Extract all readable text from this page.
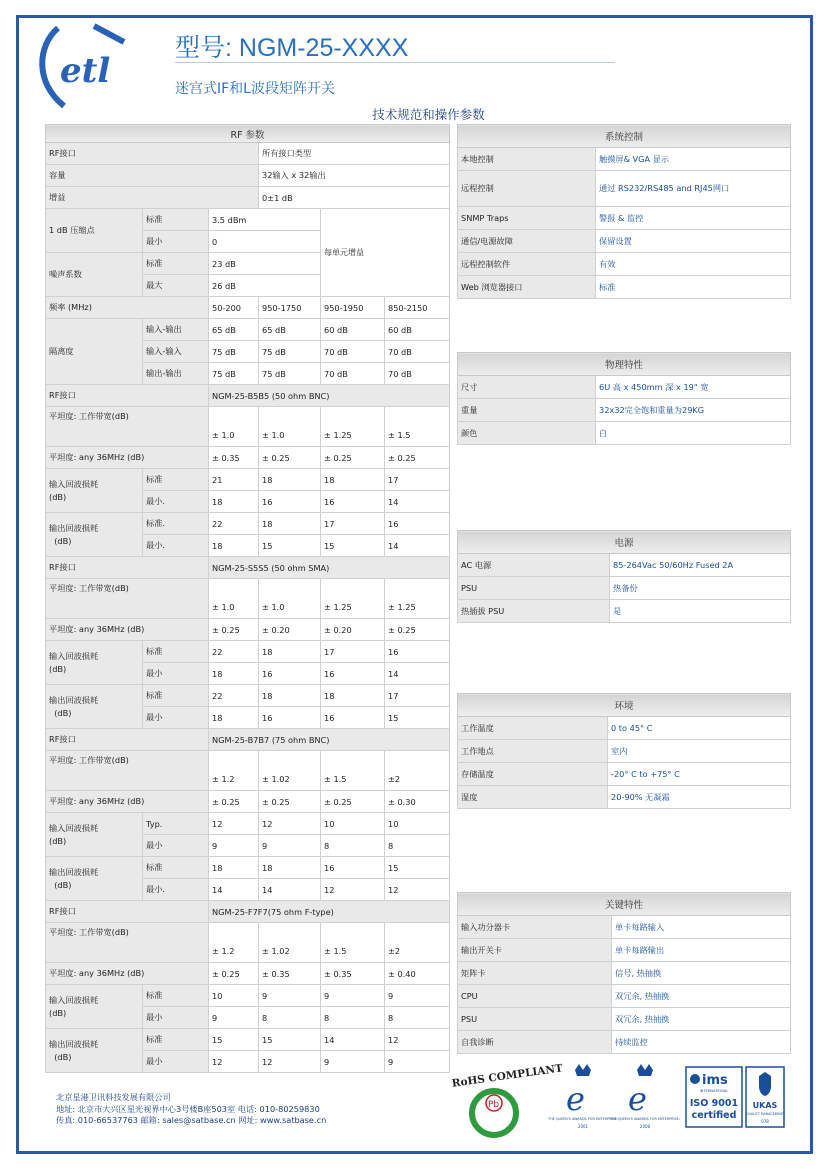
etl
型号: NGM-25-XXXX
迷宫式IF和L波段矩阵开关
技术规范和操作参数
RF 参数					
RF接口			所有接口类型		
容量			32输入 x 32输出		
增益			0±1 dB		
1 dB 压缩点	标准	3.5 dBm		每单元增益	
	最小	0			
噪声系数	标准	23 dB			
	最大	26 dB			
频率 (MHz)		50-200	950-1750	950-1950	850-2150
隔离度	输入-输出	65 dB	65 dB	60 dB	60 dB
	输入-输入	75 dB	75 dB	70 dB	70 dB
	输出-输出	75 dB	75 dB	70 dB	70 dB
RF接口		NGM-25-B5B5 (50 ohm BNC)			
平坦度: 工作带宽(dB)		± 1.0	± 1.0	± 1.25	± 1.5
平坦度: any 36MHz (dB)		± 0.35	± 0.25	± 0.25	± 0.25
输入回波损耗
(dB)	标准	21	18	18	17
	最小.	18	16	16	14
输出回波损耗
(dB)	标准.	22	18	17	16
	最小.	18	15	15	14
RF接口		NGM-25-S5S5 (50 ohm SMA)			
平坦度: 工作带宽(dB)		± 1.0	± 1.0	± 1.25	± 1.25
平坦度: any 36MHz (dB)		± 0.25	± 0.20	± 0.20	± 0.25
输入回波损耗
(dB)	标准	22	18	17	16
	最小	18	16	16	14
输出回波损耗
(dB)	标准	22	18	18	17
	最小	18	16	16	15
RF接口		NGM-25-B7B7 (75 ohm BNC)			
平坦度: 工作带宽(dB)		± 1.2	± 1.02	± 1.5	±2
平坦度: any 36MHz (dB)		± 0.25	± 0.25	± 0.25	± 0.30
输入回波损耗
(dB)	Typ.	12	12	10	10
	最小	9	9	8	8
输出回波损耗
(dB)	标准	18	18	16	15
	最小.	14	14	12	12
RF接口		NGM-25-F7F7(75 ohm F-type)			
平坦度: 工作带宽(dB)		± 1.2	± 1.02	± 1.5	±2
平坦度: any 36MHz (dB)		± 0.25	± 0.35	± 0.35	± 0.40
输入回波损耗
(dB)	标准	10	9	9	9
	最小	9	8	8	8
输出回波损耗
(dB)	标准	15	15	14	12
	最小	12	12	9	9
系统控制	
本地控制	触摸屏& VGA 显示
远程控制	通过 RS232/RS485 and RJ45网口
SNMP Traps	警报 & 监控
通信/电源故障	保留设置
远程控制软件	有效
Web 浏览器接口	标准
物理特性	
尺寸	6U 高 x 450mm 深 x 19" 宽
重量	32x32完全饱和重量为29KG
颜色	白
电源	
AC 电源	85-264Vac 50/60Hz Fused 2A
PSU	热备份
热插拔 PSU	是
环境	
工作温度	0 to 45° C
工作地点	室内
存储温度	-20° C to +75° C
湿度	20-90% 无凝霜
关键特性	
输入功分器卡	单卡每路输入
输出开关卡	单卡每路输出
矩阵卡	信号, 热抽换
CPU	双冗余, 热抽换
PSU	双冗余, 热抽换
自我诊断	持续监控
北京星港卫讯科技发展有限公司
地址: 北京市大兴区星光视界中心3号楼B座503室 电话: 010-80259830
传真: 010-66537763 邮箱: sales@satbase.cn 网址: www.satbase.cn
RoHS COMPLIANT
Pb e
THE QUEEN'S AWARDS FOR ENTERPRISE:
2001
e
THE QUEEN'S AWARDS FOR ENTERPRISE:
2008
ims
INTERNATIONAL
ISO 9001
certified
UKAS
QUALITY MANAGEMENT
078
